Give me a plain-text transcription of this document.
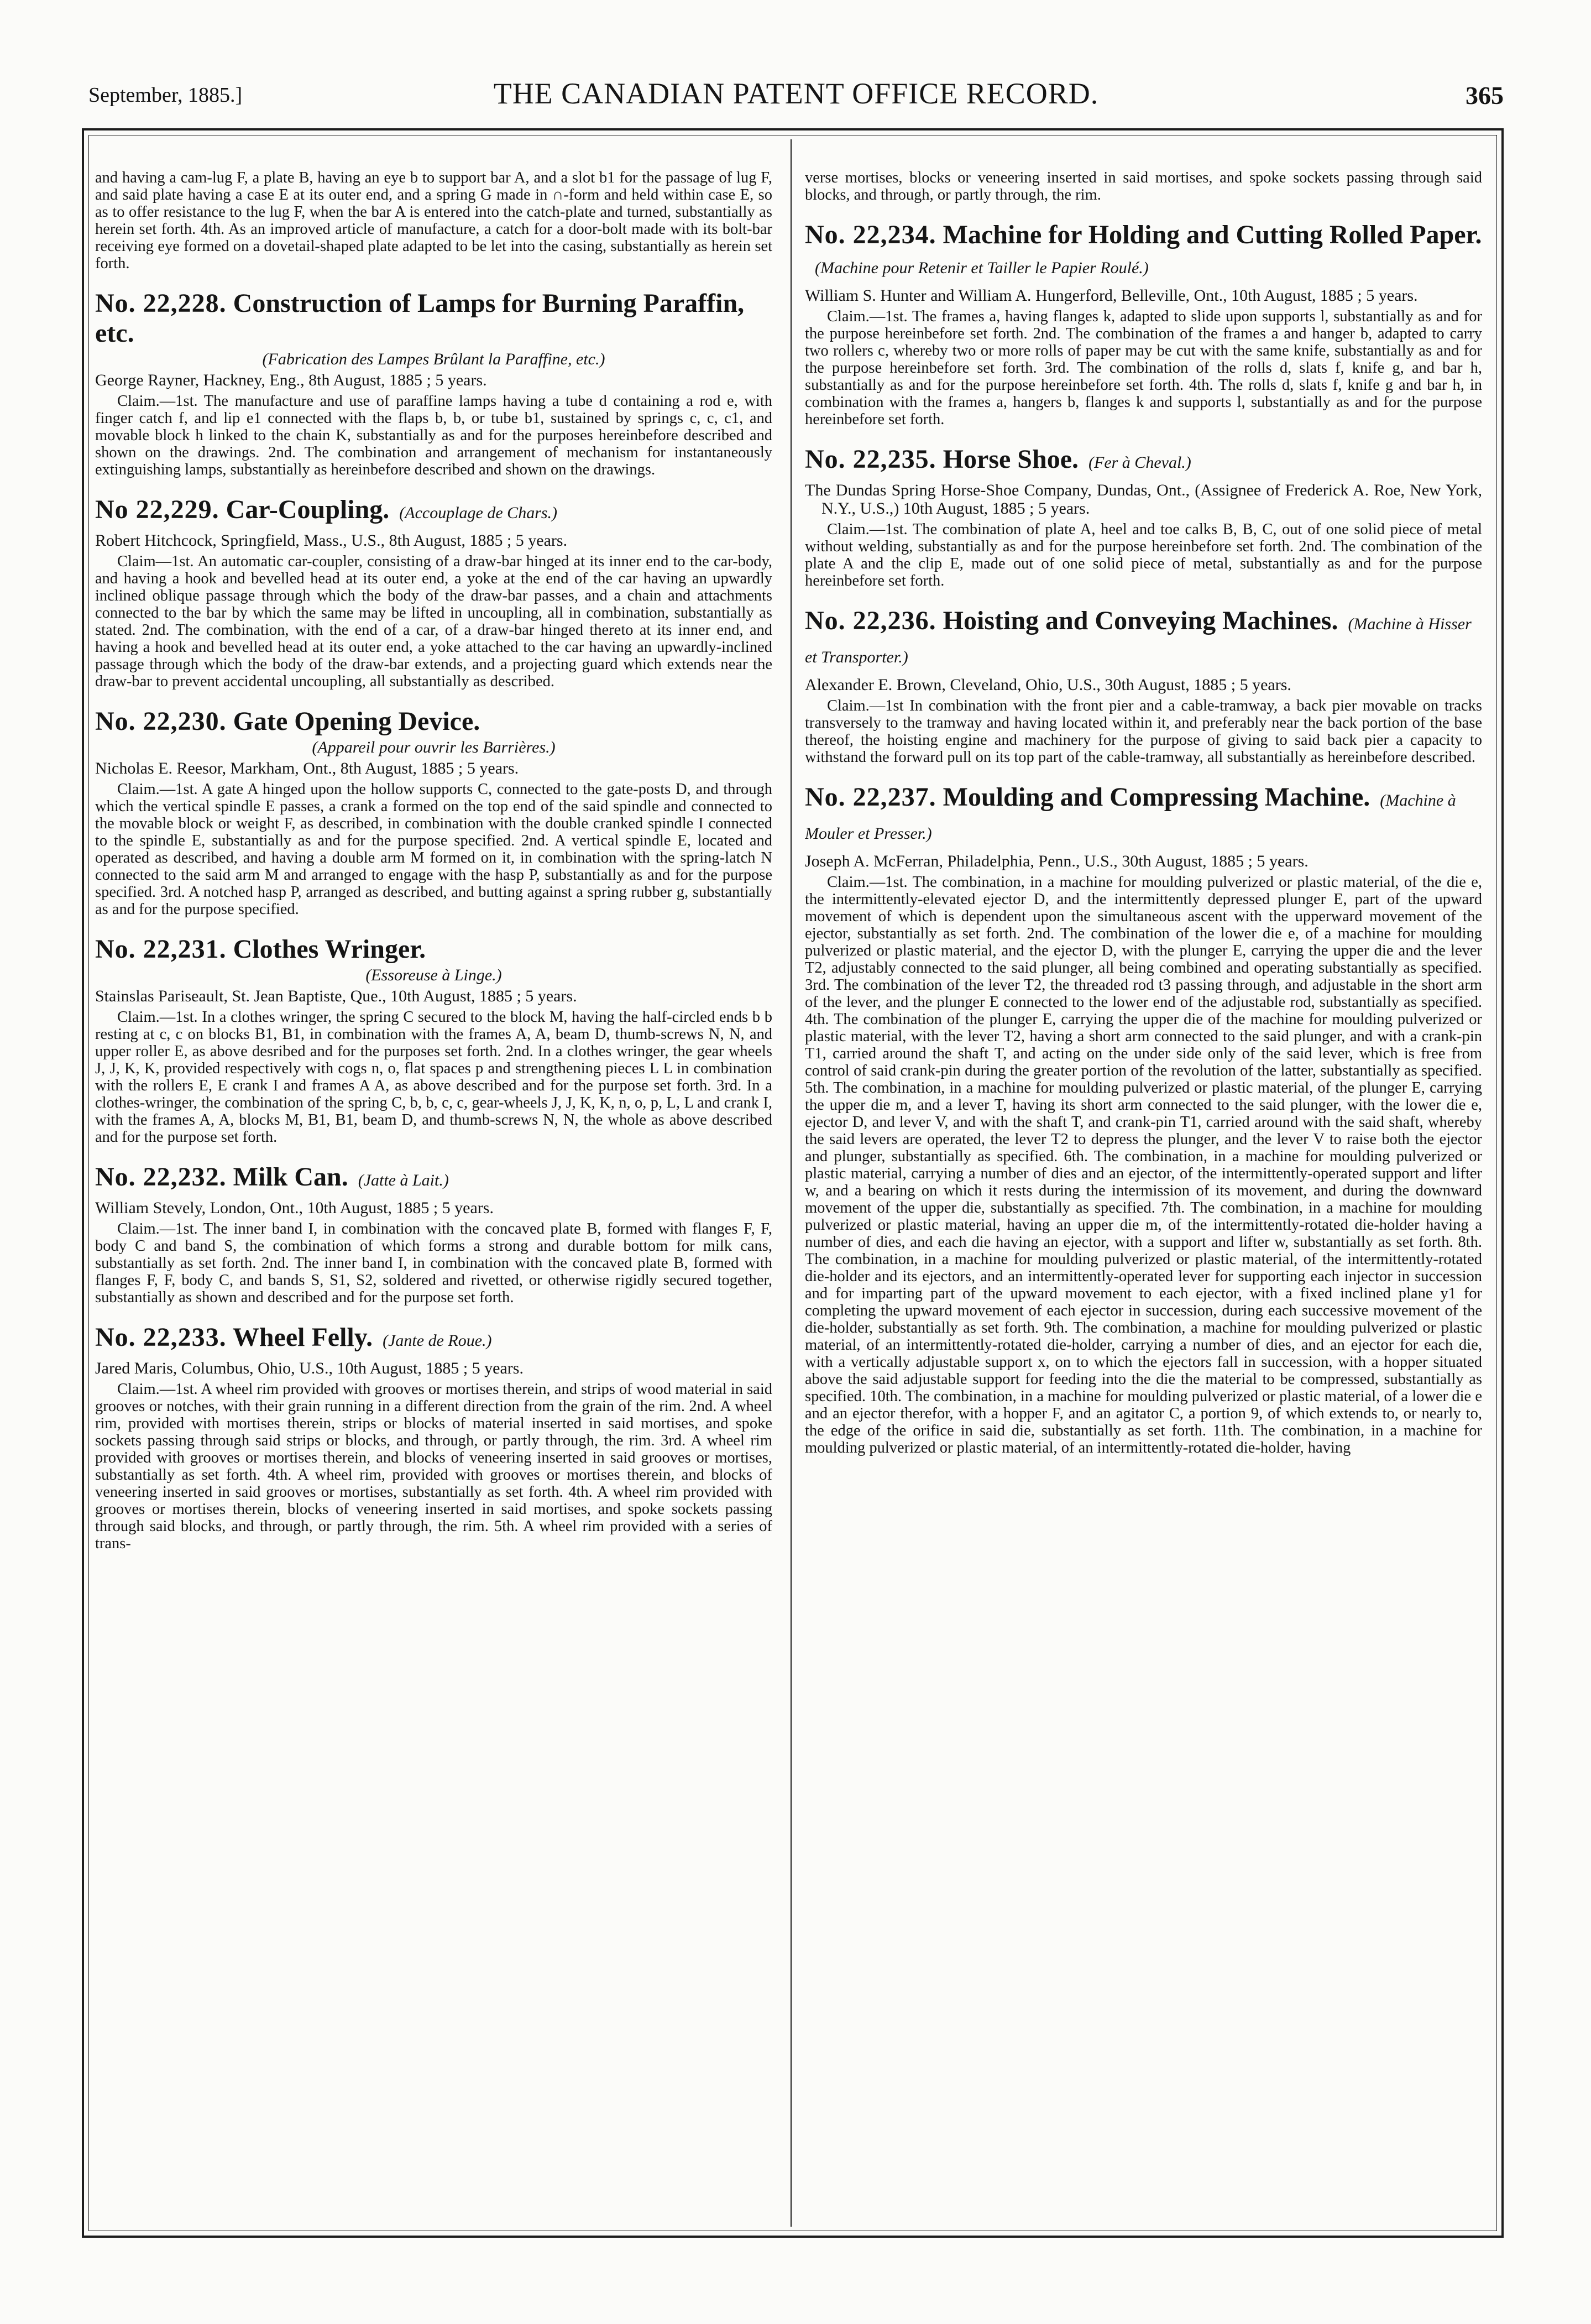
September, 1885.]	THE CANADIAN PATENT OFFICE RECORD.	365

and having a cam-lug F, a plate B, having an eye b to support bar A, and a slot b1 for the passage of lug F, and said plate having a case E at its outer end, and a spring G made in ∩-form and held within case E, so as to offer resistance to the lug F, when the bar A is entered into the catch-plate and turned, substantially as herein set forth. 4th. As an improved article of manufacture, a catch for a door-bolt made with its bolt-bar receiving eye formed on a dovetail-shaped plate adapted to be let into the casing, substantially as herein set forth.

No. 22,228. Construction of Lamps for Burning Paraffin, etc.
(Fabrication des Lampes Brûlant la Paraffine, etc.)

George Rayner, Hackney, Eng., 8th August, 1885 ; 5 years.

Claim.—1st. The manufacture and use of paraffine lamps having a tube d containing a rod e, with finger catch f, and lip e1 connected with the flaps b, b, or tube b1, sustained by springs c, c, c1, and movable block h linked to the chain K, substantially as and for the purposes hereinbefore described and shown on the drawings. 2nd. The combination and arrangement of mechanism for instantaneously extinguishing lamps, substantially as hereinbefore described and shown on the drawings.

No 22,229. Car-Coupling. (Accouplage de Chars.)

Robert Hitchcock, Springfield, Mass., U.S., 8th August, 1885 ; 5 years.

Claim—1st. An automatic car-coupler, consisting of a draw-bar hinged at its inner end to the car-body, and having a hook and bevelled head at its outer end, a yoke at the end of the car having an upwardly inclined oblique passage through which the body of the draw-bar passes, and a chain and attachments connected to the bar by which the same may be lifted in uncoupling, all in combination, substantially as stated. 2nd. The combination, with the end of a car, of a draw-bar hinged thereto at its inner end, and having a hook and bevelled head at its outer end, a yoke attached to the car having an upwardly-inclined passage through which the body of the draw-bar extends, and a projecting guard which extends near the draw-bar to prevent accidental uncoupling, all substantially as described.

No. 22,230. Gate Opening Device.
(Appareil pour ouvrir les Barrières.)

Nicholas E. Reesor, Markham, Ont., 8th August, 1885 ; 5 years.

Claim.—1st. A gate A hinged upon the hollow supports C, connected to the gate-posts D, and through which the vertical spindle E passes, a crank a formed on the top end of the said spindle and connected to the movable block or weight F, as described, in combination with the double cranked spindle I connected to the spindle E, substantially as and for the purpose specified. 2nd. A vertical spindle E, located and operated as described, and having a double arm M formed on it, in combination with the spring-latch N connected to the said arm M and arranged to engage with the hasp P, substantially as and for the purpose specified. 3rd. A notched hasp P, arranged as described, and butting against a spring rubber g, substantially as and for the purpose specified.

No. 22,231. Clothes Wringer.
(Essoreuse à Linge.)

Stainslas Pariseault, St. Jean Baptiste, Que., 10th August, 1885 ; 5 years.

Claim.—1st. In a clothes wringer, the spring C secured to the block M, having the half-circled ends b b resting at c, c on blocks B1, B1, in combination with the frames A, A, beam D, thumb-screws N, N, and upper roller E, as above desribed and for the purposes set forth. 2nd. In a clothes wringer, the gear wheels J, J, K, K, provided respectively with cogs n, o, flat spaces p and strengthening pieces L L in combination with the rollers E, E crank I and frames A A, as above described and for the purpose set forth. 3rd. In a clothes-wringer, the combination of the spring C, b, b, c, c, gear-wheels J, J, K, K, n, o, p, L, L and crank I, with the frames A, A, blocks M, B1, B1, beam D, and thumb-screws N, N, the whole as above described and for the purpose set forth.

No. 22,232. Milk Can. (Jatte à Lait.)

William Stevely, London, Ont., 10th August, 1885 ; 5 years.

Claim.—1st. The inner band I, in combination with the concaved plate B, formed with flanges F, F, body C and band S, the combination of which forms a strong and durable bottom for milk cans, substantially as set forth. 2nd. The inner band I, in combination with the concaved plate B, formed with flanges F, F, body C, and bands S, S1, S2, soldered and rivetted, or otherwise rigidly secured together, substantially as shown and described and for the purpose set forth.

No. 22,233. Wheel Felly. (Jante de Roue.)

Jared Maris, Columbus, Ohio, U.S., 10th August, 1885 ; 5 years.

Claim.—1st. A wheel rim provided with grooves or mortises therein, and strips of wood material in said grooves or notches, with their grain running in a different direction from the grain of the rim. 2nd. A wheel rim, provided with mortises therein, strips or blocks of material inserted in said mortises, and spoke sockets passing through said strips or blocks, and through, or partly through, the rim. 3rd. A wheel rim provided with grooves or mortises therein, and blocks of veneering inserted in said grooves or mortises, substantially as set forth. 4th. A wheel rim, provided with grooves or mortises therein, and blocks of veneering inserted in said grooves or mortises, substantially as set forth. 4th. A wheel rim provided with grooves or mortises therein, blocks of veneering inserted in said mortises, and spoke sockets passing through said blocks, and through, or partly through, the rim. 5th. A wheel rim provided with a series of trans-

verse mortises, blocks or veneering inserted in said mortises, and spoke sockets passing through said blocks, and through, or partly through, the rim.

No. 22,234. Machine for Holding and Cutting Rolled Paper.(Machine pour Retenir et Tailler le Papier Roulé.)

William S. Hunter and William A. Hungerford, Belleville, Ont., 10th August, 1885 ; 5 years.

Claim.—1st. The frames a, having flanges k, adapted to slide upon supports l, substantially as and for the purpose hereinbefore set forth. 2nd. The combination of the frames a and hanger b, adapted to carry two rollers c, whereby two or more rolls of paper may be cut with the same knife, substantially as and for the purpose hereinbefore set forth. 3rd. The combination of the rolls d, slats f, knife g, and bar h, substantially as and for the purpose hereinbefore set forth. 4th. The rolls d, slats f, knife g and bar h, in combination with the frames a, hangers b, flanges k and supports l, substantially as and for the purpose hereinbefore set forth.

No. 22,235. Horse Shoe. (Fer à Cheval.)

The Dundas Spring Horse-Shoe Company, Dundas, Ont., (Assignee of Frederick A. Roe, New York, N.Y., U.S.,) 10th August, 1885 ; 5 years.

Claim.—1st. The combination of plate A, heel and toe calks B, B, C, out of one solid piece of metal without welding, substantially as and for the purpose hereinbefore set forth. 2nd. The combination of the plate A and the clip E, made out of one solid piece of metal, substantially as and for the purpose hereinbefore set forth.

No. 22,236. Hoisting and Conveying Machines. (Machine à Hisser et Transporter.)

Alexander E. Brown, Cleveland, Ohio, U.S., 30th August, 1885 ; 5 years.

Claim.—1st In combination with the front pier and a cable-tramway, a back pier movable on tracks transversely to the tramway and having located within it, and preferably near the back portion of the base thereof, the hoisting engine and machinery for the purpose of giving to said back pier a capacity to withstand the forward pull on its top part of the cable-tramway, all substantially as hereinbefore described.

No. 22,237. Moulding and Compressing Machine. (Machine à Mouler et Presser.)

Joseph A. McFerran, Philadelphia, Penn., U.S., 30th August, 1885 ; 5 years.

Claim.—1st. The combination, in a machine for moulding pulverized or plastic material, of the die e, the intermittently-elevated ejector D, and the intermittently depressed plunger E, part of the upward movement of which is dependent upon the simultaneous ascent with the upperward movement of the ejector, substantially as set forth. 2nd. The combination of the lower die e, of a machine for moulding pulverized or plastic material, and the ejector D, with the plunger E, carrying the upper die and the lever T2, adjustably connected to the said plunger, all being combined and operating substantially as specified. 3rd. The combination of the lever T2, the threaded rod t3 passing through, and adjustable in the short arm of the lever, and the plunger E connected to the lower end of the adjustable rod, substantially as specified. 4th. The combination of the plunger E, carrying the upper die of the machine for moulding pulverized or plastic material, with the lever T2, having a short arm connected to the said plunger, and with a crank-pin T1, carried around the shaft T, and acting on the under side only of the said lever, which is free from control of said crank-pin during the greater portion of the revolution of the latter, substantially as specified. 5th. The combination, in a machine for moulding pulverized or plastic material, of the plunger E, carrying the upper die m, and a lever T, having its short arm connected to the said plunger, with the lower die e, ejector D, and lever V, and with the shaft T, and crank-pin T1, carried around with the said shaft, whereby the said levers are operated, the lever T2 to depress the plunger, and the lever V to raise both the ejector and plunger, substantially as specified. 6th. The combination, in a machine for moulding pulverized or plastic material, carrying a number of dies and an ejector, of the intermittently-operated support and lifter w, and a bearing on which it rests during the intermission of its movement, and during the downward movement of the upper die, substantially as specified. 7th. The combination, in a machine for moulding pulverized or plastic material, having an upper die m, of the intermittently-rotated die-holder having a number of dies, and each die having an ejector, with a support and lifter w, substantially as set forth. 8th. The combination, in a machine for moulding pulverized or plastic material, of the intermittently-rotated die-holder and its ejectors, and an intermittently-operated lever for supporting each injector in succession and for imparting part of the upward movement to each ejector, with a fixed inclined plane y1 for completing the upward movement of each ejector in succession, during each successive movement of the die-holder, substantially as set forth. 9th. The combination, a machine for moulding pulverized or plastic material, of an intermittently-rotated die-holder, carrying a number of dies, and an ejector for each die, with a vertically adjustable support x, on to which the ejectors fall in succession, with a hopper situated above the said adjustable support for feeding into the die the material to be compressed, substantially as specified. 10th. The combination, in a machine for moulding pulverized or plastic material, of a lower die e and an ejector therefor, with a hopper F, and an agitator C, a portion 9, of which extends to, or nearly to, the edge of the orifice in said die, substantially as set forth. 11th. The combination, in a machine for moulding pulverized or plastic material, of an intermittently-rotated die-holder, having
